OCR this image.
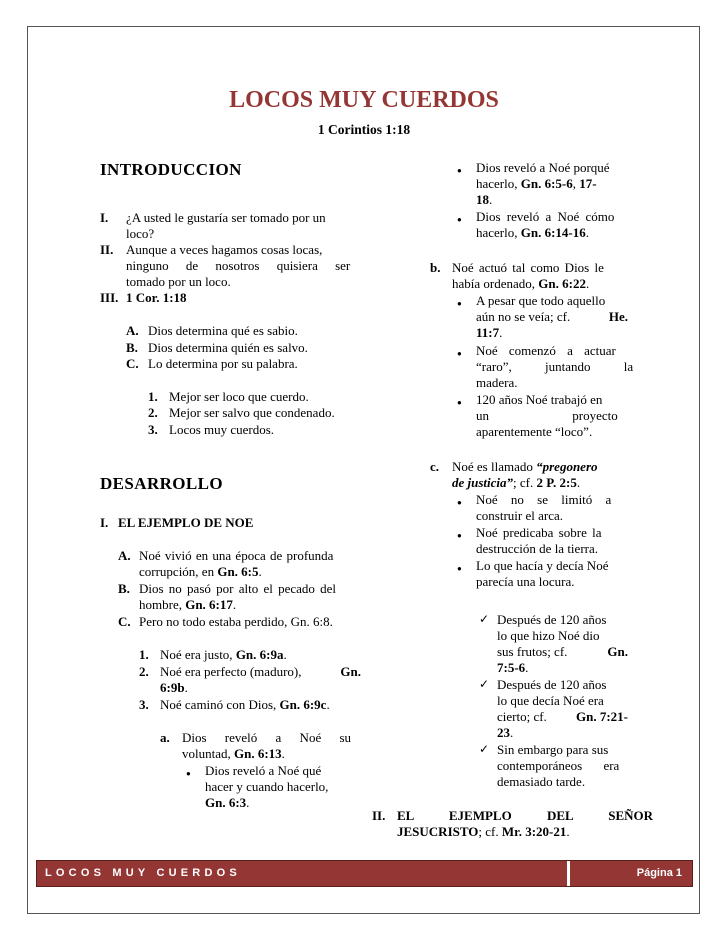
LOCOS MUY CUERDOS
1 Corintios 1:18
INTRODUCCION
I. ¿A usted le gustaría ser tomado por un
loco?
II. Aunque a veces hagamos cosas locas,
ninguno de nosotros quisiera ser
tomado por un loco.
III. 1 Cor. 1:18
A. Dios determina qué es sabio.
B. Dios determina quién es salvo.
C. Lo determina por su palabra.
1. Mejor ser loco que cuerdo.
2. Mejor ser salvo que condenado.
3. Locos muy cuerdos.
DESARROLLO
I. EL EJEMPLO DE NOE
A. Noé vivió en una época de profunda
corrupción, en Gn. 6:5.
B. Dios no pasó por alto el pecado del
hombre, Gn. 6:17.
C. Pero no todo estaba perdido, Gn. 6:8.
1. Noé era justo, Gn. 6:9a.
2. Noé era perfecto (maduro),	Gn.
6:9b.
3. Noé caminó con Dios, Gn. 6:9c.
a. Dios reveló a Noé su
voluntad, Gn. 6:13.
● Dios reveló a Noé qué
hacer y cuando hacerlo,
Gn. 6:3.
● Dios reveló a Noé porqué
hacerlo, Gn. 6:5-6, 17-
18.
● Dios reveló a Noé cómo
hacerlo, Gn. 6:14-16.
b. Noé actuó tal como Dios le
había ordenado, Gn. 6:22.
● A pesar que todo aquello
aún no se veía; cf.	He.
11:7.
● Noé comenzó a actuar
“raro”, juntando la
madera.
● 120 años Noé trabajó en
un proyecto
aparentemente “loco”.
c. Noé es llamado “pregonero
de justicia”; cf. 2 P. 2:5.
● Noé no se limitó a
construir el arca.
● Noé predicaba sobre la
destrucción de la tierra.
● Lo que hacía y decía Noé
parecía una locura.
✓ Después de 120 años
lo que hizo Noé dio
sus frutos; cf.	Gn.
7:5-6.
✓ Después de 120 años
lo que decía Noé era
cierto; cf. Gn. 7:21-
23.
✓ Sin embargo para sus
contemporáneos era
demasiado tarde.
II. EL EJEMPLO DEL SEÑOR
JESUCRISTO; cf. Mr. 3:20-21.
LOCOS MUY CUERDOS	Página 1
